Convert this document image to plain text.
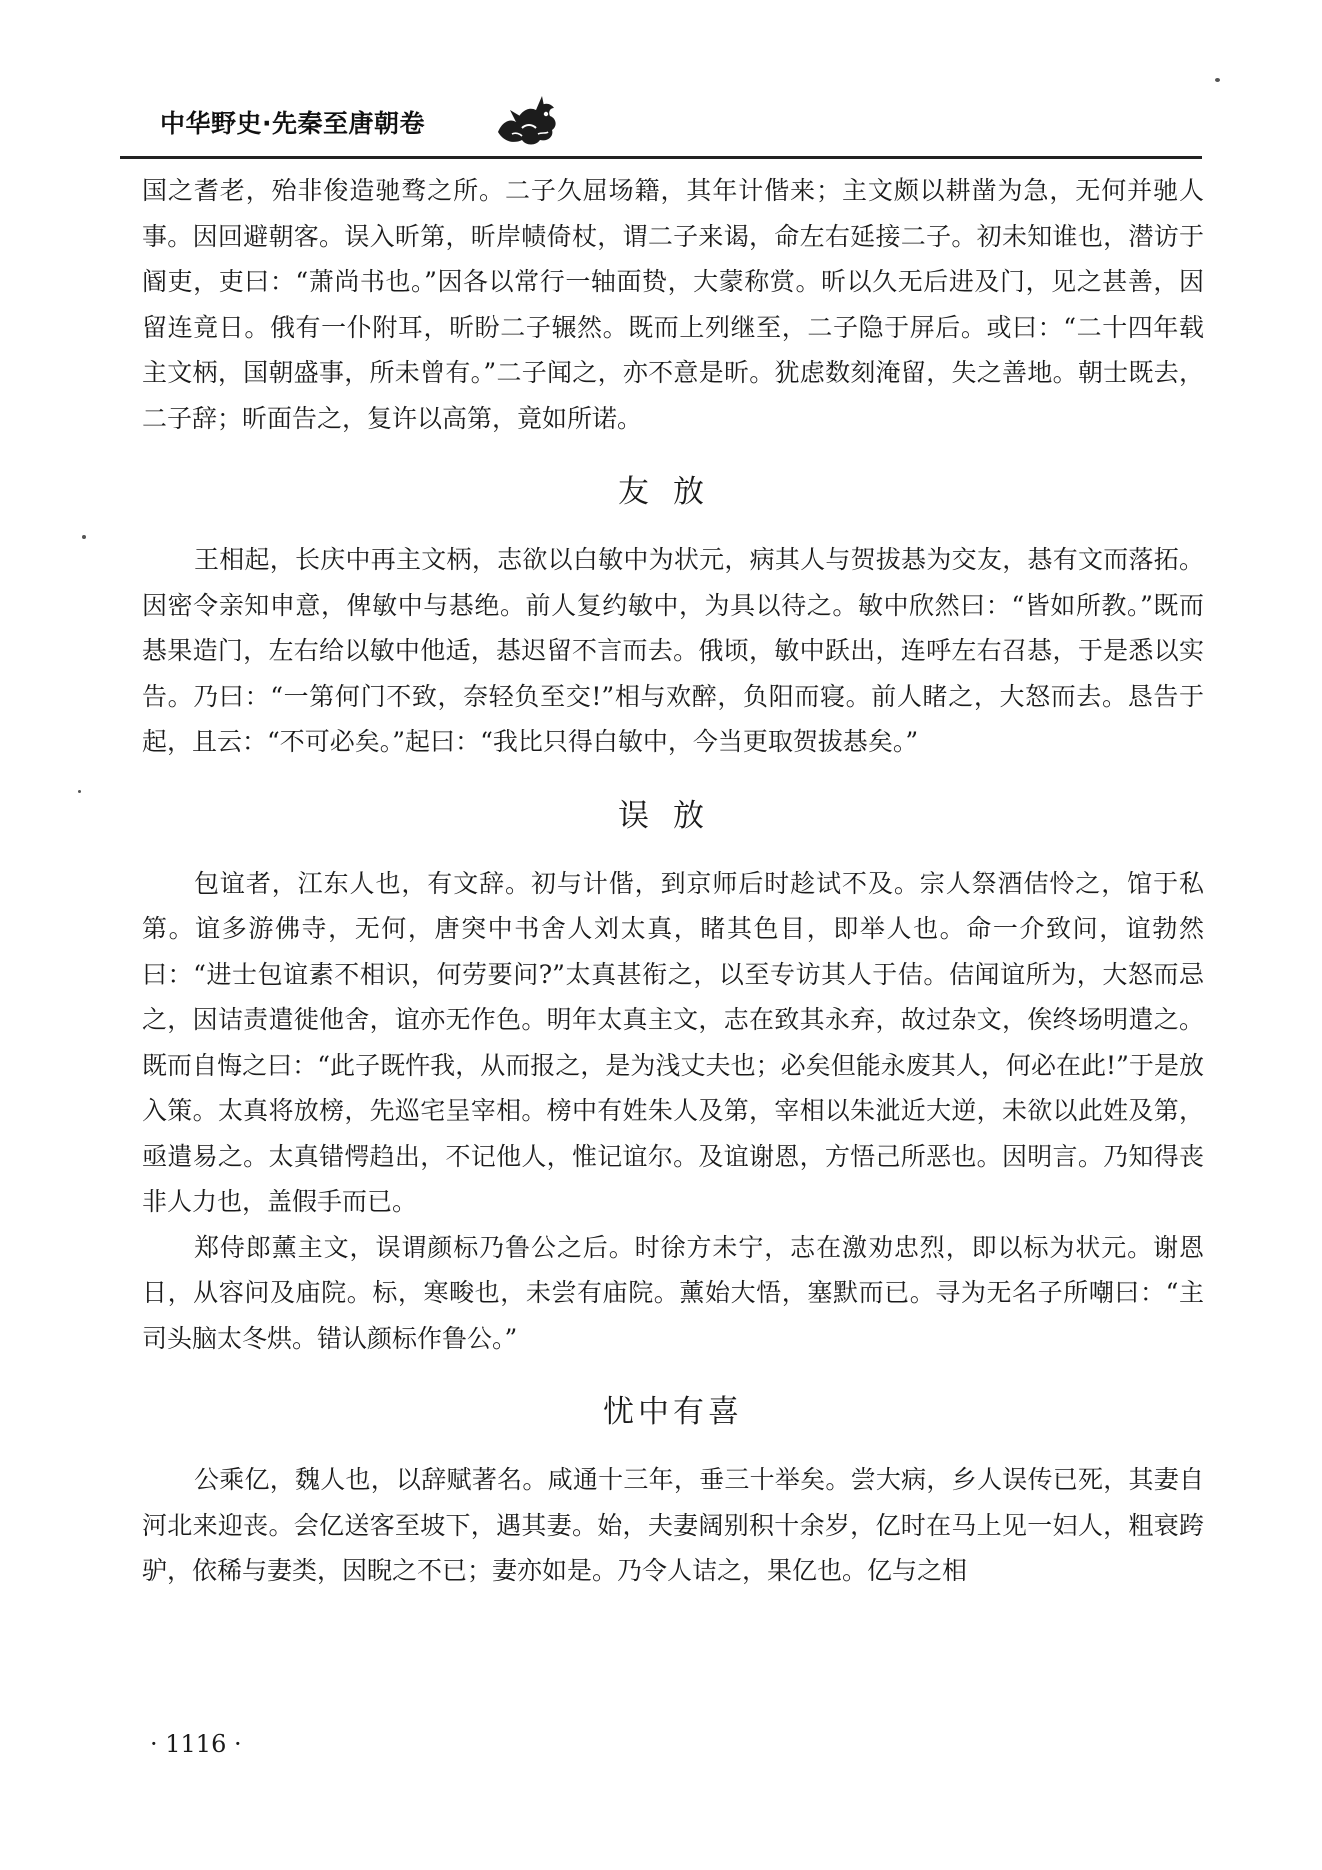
中华野史·先秦至唐朝卷

国之耆老，殆非俊造驰骛之所。二子久屈场籍，其年计偕来；主文颇以耕凿为急，无何并驰人事。因回避朝客。误入昕第，昕岸帻倚杖，谓二子来谒，命左右延接二子。初未知谁也，潜访于阍吏，吏曰：“萧尚书也。”因各以常行一轴面贽，大蒙称赏。昕以久无后进及门，见之甚善，因留连竟日。俄有一仆附耳，昕盼二子辗然。既而上列继至，二子隐于屏后。或曰：“二十四年载主文柄，国朝盛事，所未曾有。”二子闻之，亦不意是昕。犹虑数刻淹留，失之善地。朝士既去，二子辞；昕面告之，复许以高第，竟如所诺。

友放

王相起，长庆中再主文柄，志欲以白敏中为状元，病其人与贺拔惎为交友，惎有文而落拓。因密令亲知申意，俾敏中与惎绝。前人复约敏中，为具以待之。敏中欣然曰：“皆如所教。”既而惎果造门，左右给以敏中他适，惎迟留不言而去。俄顷，敏中跃出，连呼左右召惎，于是悉以实告。乃曰：“一第何门不致，奈轻负至交!”相与欢醉，负阳而寝。前人睹之，大怒而去。恳告于起，且云：“不可必矣。”起曰：“我比只得白敏中，今当更取贺拔惎矣。”

误放

包谊者，江东人也，有文辞。初与计偕，到京师后时趁试不及。宗人祭酒佶怜之，馆于私第。谊多游佛寺，无何，唐突中书舍人刘太真，睹其色目，即举人也。命一介致问，谊勃然曰：“进士包谊素不相识，何劳要问?”太真甚衔之，以至专访其人于佶。佶闻谊所为，大怒而忌之，因诘责遣徙他舍，谊亦无作色。明年太真主文，志在致其永弃，故过杂文，俟终场明遣之。既而自悔之曰：“此子既忤我，从而报之，是为浅丈夫也；必矣但能永废其人，何必在此!”于是放入策。太真将放榜，先巡宅呈宰相。榜中有姓朱人及第，宰相以朱泚近大逆，未欲以此姓及第，亟遣易之。太真错愕趋出，不记他人，惟记谊尔。及谊谢恩，方悟己所恶也。因明言。乃知得丧非人力也，盖假手而已。

郑侍郎薰主文，误谓颜标乃鲁公之后。时徐方未宁，志在激劝忠烈，即以标为状元。谢恩日，从容问及庙院。标，寒畯也，未尝有庙院。薰始大悟，塞默而已。寻为无名子所嘲曰：“主司头脑太冬烘。错认颜标作鲁公。”

忧中有喜

公乘亿，魏人也，以辞赋著名。咸通十三年，垂三十举矣。尝大病，乡人误传已死，其妻自河北来迎丧。会亿送客至坡下，遇其妻。始，夫妻阔别积十余岁，亿时在马上见一妇人，粗衰跨驴，依稀与妻类，因睨之不已；妻亦如是。乃令人诘之，果亿也。亿与之相

· 1116 ·
